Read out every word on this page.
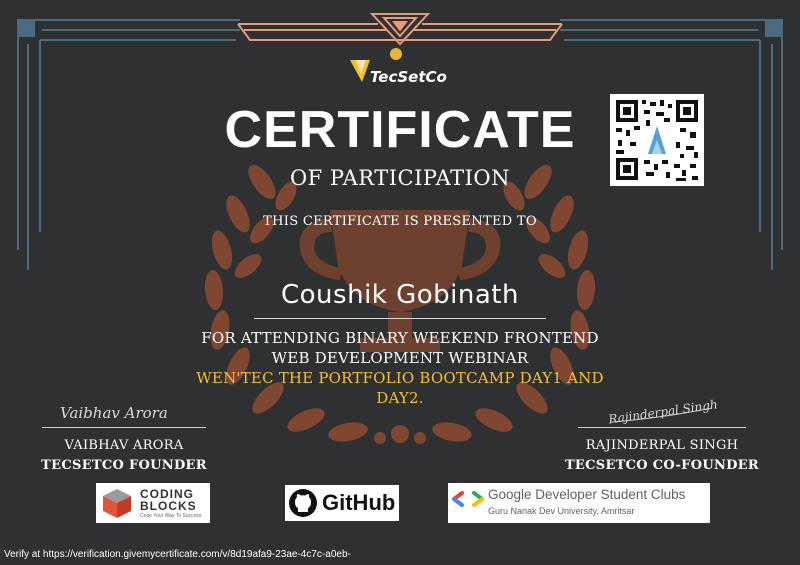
TecSetCo
CERTIFICATE
OF PARTICIPATION
THIS CERTIFICATE IS PRESENTED TO
Coushik Gobinath
FOR ATTENDING BINARY WEEKEND FRONTEND
WEB DEVELOPMENT WEBINAR
WEN'TEC THE PORTFOLIO BOOTCAMP DAY1 AND
DAY2.
Vaibhav Arora
VAIBHAV ARORA
TECSETCO FOUNDER
Rajinderpal Singh
RAJINDERPAL SINGH
TECSETCO CO-FOUNDER
CODING
BLOCKS
Code Your Way To Success
GitHub	Google Developer Student Clubs
Guru Nanak Dev University, Amritsar
Verify at https://verification.givemycertificate.com/v/8d19afa9-23ae-4c7c-a0eb-
